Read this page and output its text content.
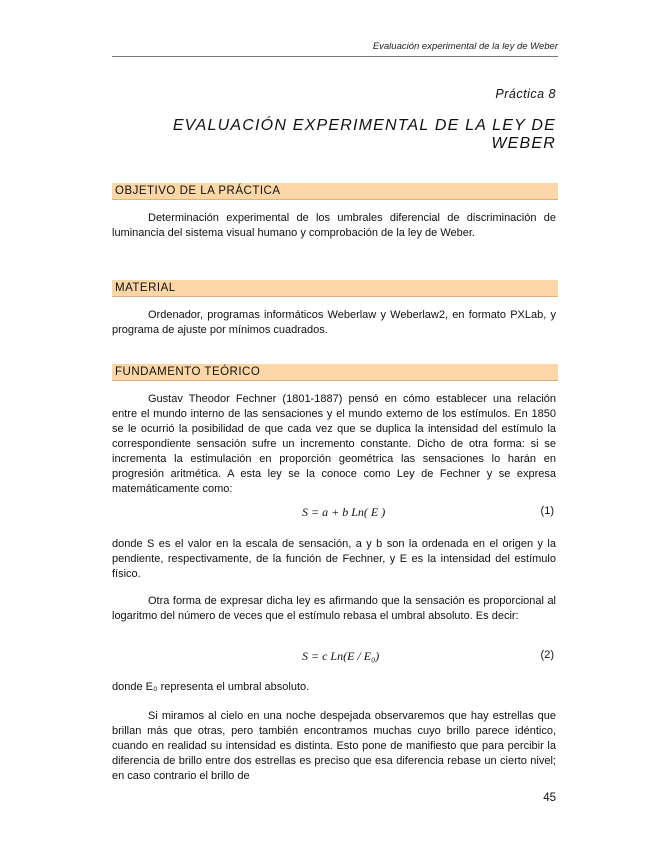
Evaluación experimental de la ley de Weber
Práctica 8
EVALUACIÓN EXPERIMENTAL DE LA LEY DE WEBER
OBJETIVO DE LA PRÁCTICA

Determinación experimental de los umbrales diferencial de discriminación de luminancia del sistema visual humano y comprobación de la ley de Weber.

MATERIAL

Ordenador, programas informáticos Weberlaw y Weberlaw2, en formato PXLab, y programa de ajuste por mínimos cuadrados.

FUNDAMENTO TEÓRICO

Gustav Theodor Fechner (1801-1887) pensó en cómo establecer una relación entre el mundo interno de las sensaciones y el mundo externo de los estímulos. En 1850 se le ocurrió la posibilidad de que cada vez que se duplica la intensidad del estímulo la correspondiente sensación sufre un incremento constante. Dicho de otra forma: si se incrementa la estimulación en proporción geométrica las sensaciones lo harán en progresión aritmética. A esta ley se la conoce como Ley de Fechner y se expresa matemáticamente como:

S = a + b Ln( E )	(1)

donde S es el valor en la escala de sensación, a y b son la ordenada en el origen y la pendiente, respectivamente, de la función de Fechner, y E es la intensidad del estímulo físico.

Otra forma de expresar dicha ley es afirmando que la sensación es proporcional al logaritmo del número de veces que el estímulo rebasa el umbral absoluto. Es decir:

S = c Ln(E / E₀)	(2)

donde E₀ representa el umbral absoluto.

Si miramos al cielo en una noche despejada observaremos que hay estrellas que brillan más que otras, pero también encontramos muchas cuyo brillo parece idéntico, cuando en realidad su intensidad es distinta. Esto pone de manifiesto que para percibir la diferencia de brillo entre dos estrellas es preciso que esa diferencia rebase un cierto nivel; en caso contrario el brillo de

45
